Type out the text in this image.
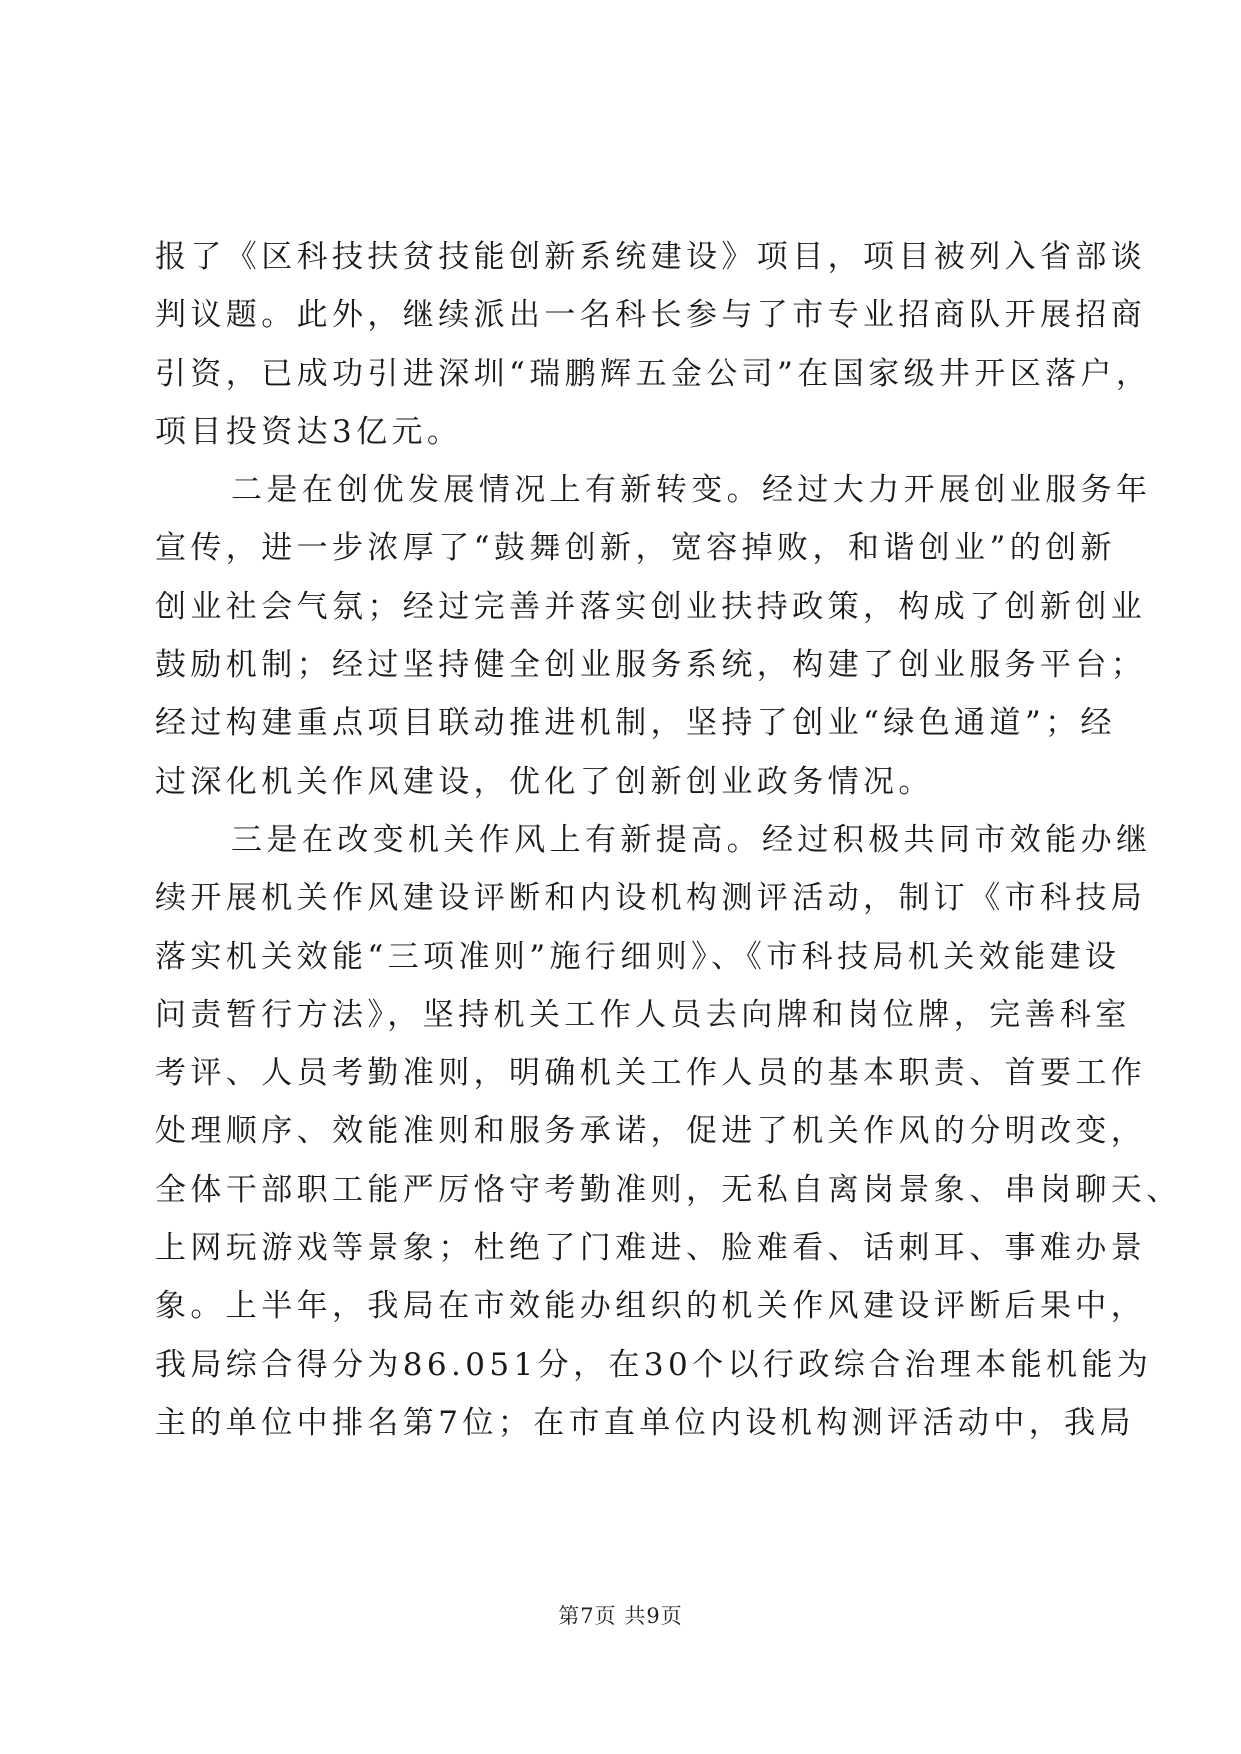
报了《区科技扶贫技能创新系统建设》项目，项目被列入省部谈
判议题。此外，继续派出一名科长参与了市专业招商队开展招商
引资，已成功引进深圳“瑞鹏辉五金公司”在国家级井开区落户，
项目投资达3亿元。
二是在创优发展情况上有新转变。经过大力开展创业服务年
宣传，进一步浓厚了“鼓舞创新，宽容掉败，和谐创业”的创新
创业社会气氛；经过完善并落实创业扶持政策，构成了创新创业
鼓励机制；经过坚持健全创业服务系统，构建了创业服务平台；
经过构建重点项目联动推进机制，坚持了创业“绿色通道”；经
过深化机关作风建设，优化了创新创业政务情况。
三是在改变机关作风上有新提高。经过积极共同市效能办继
续开展机关作风建设评断和内设机构测评活动，制订《市科技局
落实机关效能“三项准则”施行细则》、《市科技局机关效能建设
问责暂行方法》，坚持机关工作人员去向牌和岗位牌，完善科室
考评、人员考勤准则，明确机关工作人员的基本职责、首要工作
处理顺序、效能准则和服务承诺，促进了机关作风的分明改变，
全体干部职工能严厉恪守考勤准则，无私自离岗景象、串岗聊天、
上网玩游戏等景象；杜绝了门难进、脸难看、话刺耳、事难办景
象。上半年，我局在市效能办组织的机关作风建设评断后果中，
我局综合得分为86.051分，在30个以行政综合治理本能机能为
主的单位中排名第7位；在市直单位内设机构测评活动中，我局
第7页 共9页
